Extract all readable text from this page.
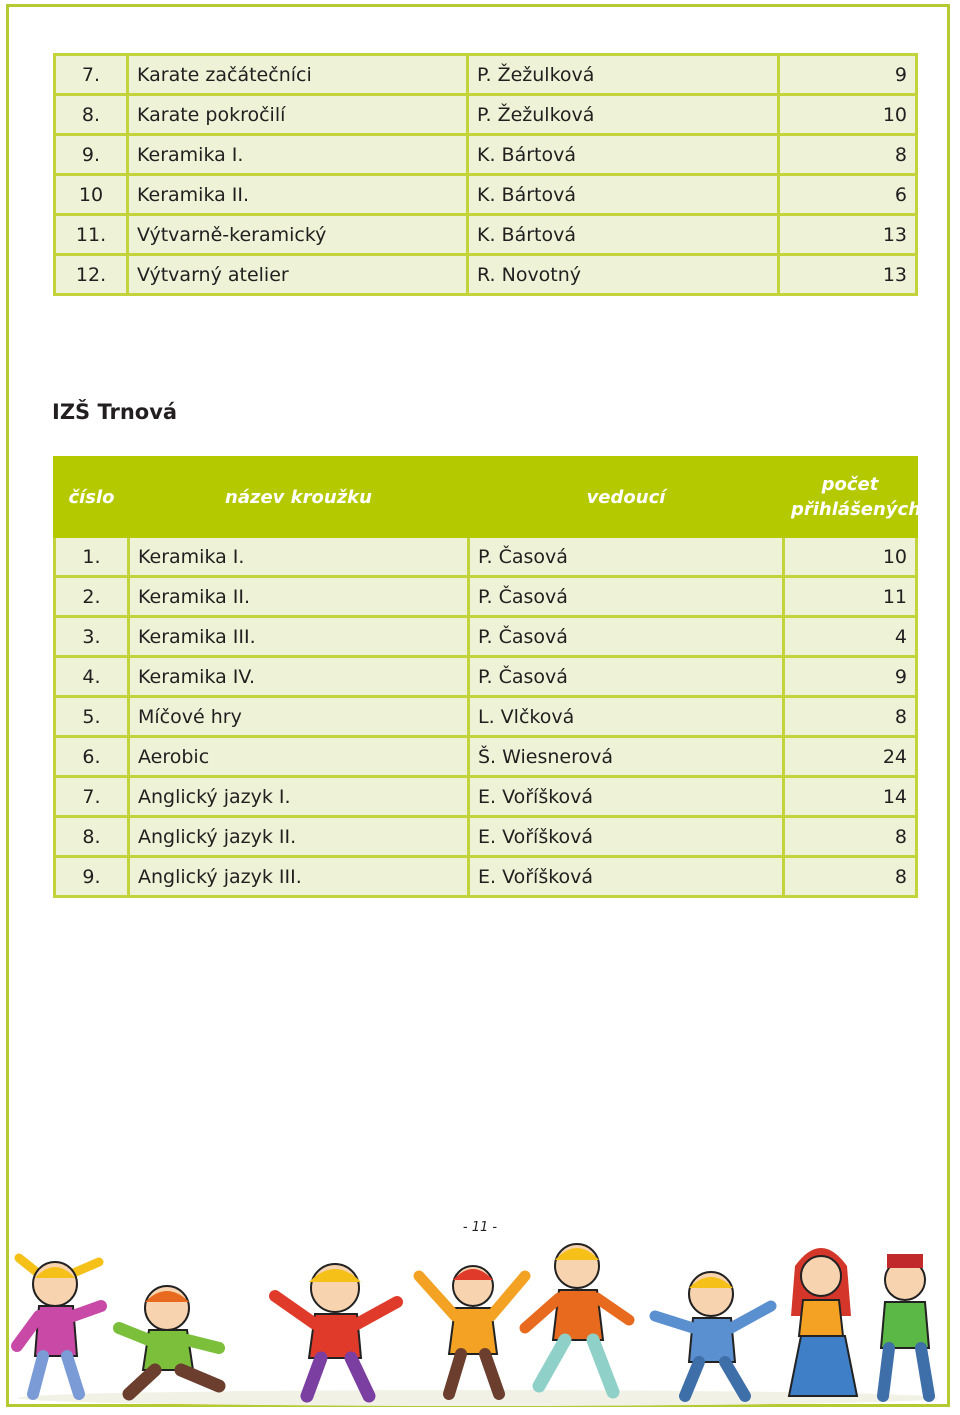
7.	Karate začátečníci	P. Žežulková	9
8.	Karate pokročilí	P. Žežulková	10
9.	Keramika I.	K. Bártová	8
10	Keramika II.	K. Bártová	6
11.	Výtvarně-keramický	K. Bártová	13
12.	Výtvarný atelier	R. Novotný	13
IZŠ Trnová
číslo	název kroužku	vedoucí	počet
přihlášených
1.	Keramika I.	P. Časová	10
2.	Keramika II.	P. Časová	11
3.	Keramika III.	P. Časová	4
4.	Keramika IV.	P. Časová	9
5.	Míčové hry	L. Vlčková	8
6.	Aerobic	Š. Wiesnerová	24
7.	Anglický jazyk I.	E. Voříšková	14
8.	Anglický jazyk II.	E. Voříšková	8
9.	Anglický jazyk III.	E. Voříšková	8
- 11 -
